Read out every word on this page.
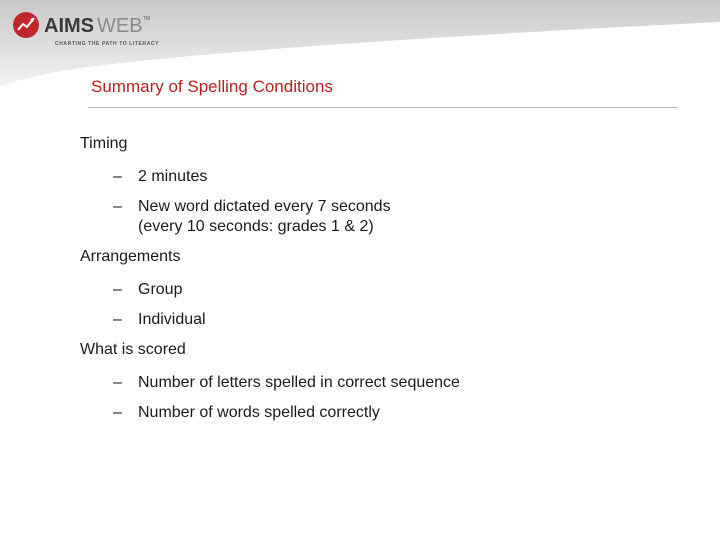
AIMS WEB TM
CHARTING THE PATH TO LITERACY
Summary of Spelling Conditions
Timing
–	2 minutes
–	New word dictated every 7 seconds
(every 10 seconds: grades 1 & 2)
Arrangements
–	Group
–	Individual
What is scored
–	Number of letters spelled in correct sequence
–	Number of words spelled correctly
